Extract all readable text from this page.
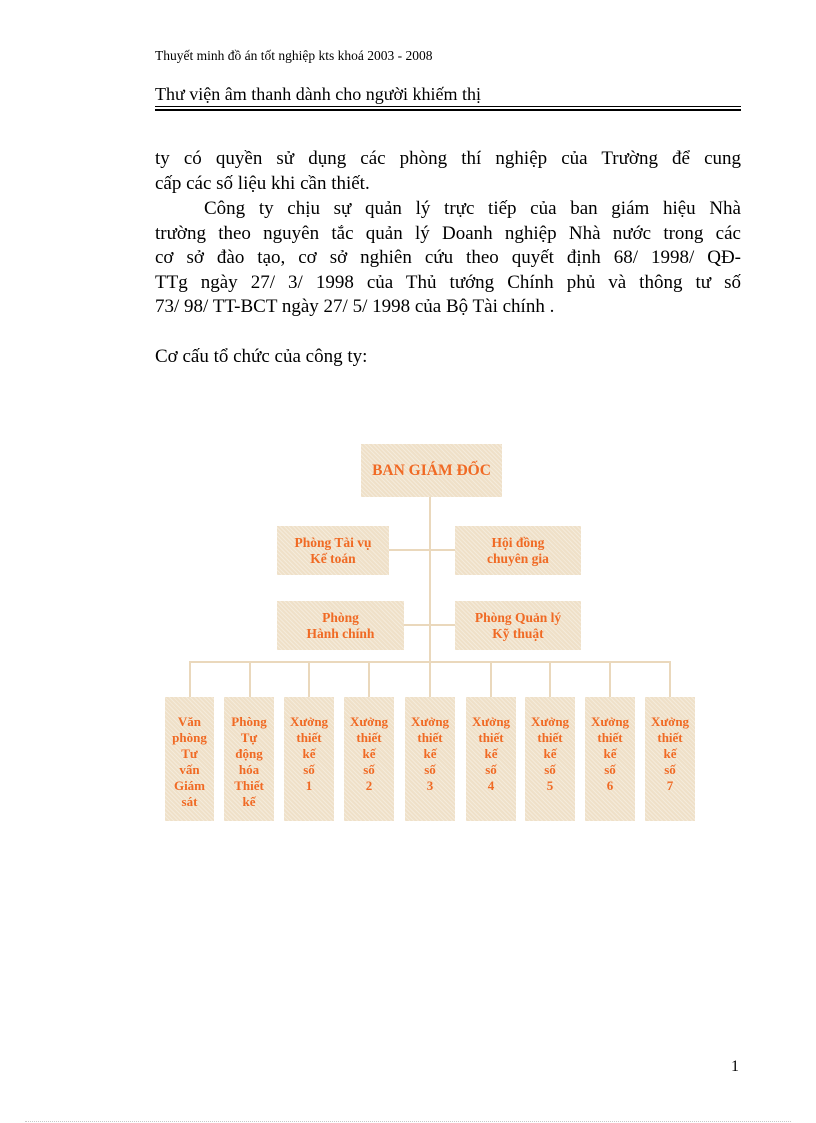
Thuyết minh đồ án tốt nghiệp kts khoá 2003 - 2008
Thư viện âm thanh dành cho người khiếm thị
ty có quyền sử dụng các phòng thí nghiệp của Trường để cung
cấp các số liệu khi cần thiết.
Công ty chịu sự quản lý trực tiếp của ban giám hiệu Nhà
trường theo nguyên tắc quản lý Doanh nghiệp Nhà nước trong các
cơ sở đào tạo, cơ sở nghiên cứu theo quyết định 68/ 1998/ QĐ-
TTg ngày 27/ 3/ 1998 của Thủ tướng Chính phủ và thông tư số
73/ 98/ TT-BCT ngày 27/ 5/ 1998 của Bộ Tài chính .
Cơ cấu tổ chức của công ty:
BAN GIÁM ĐỐC
Phòng Tài vụ
Kế toán
Hội đồng
chuyên gia
Phòng
Hành chính
Phòng Quản lý
Kỹ thuật
Văn
phòng
Tư
vấn
Giám
sát
Phòng
Tự
động
hóa
Thiết
kế
Xưởng
thiết
kế
số
1
Xưởng
thiết
kế
số
2
Xưởng
thiết
kế
số
3
Xưởng
thiết
kế
số
4
Xưởng
thiết
kế
số
5
Xưởng
thiết
kế
số
6
Xưởng
thiết
kế
số
7
1
